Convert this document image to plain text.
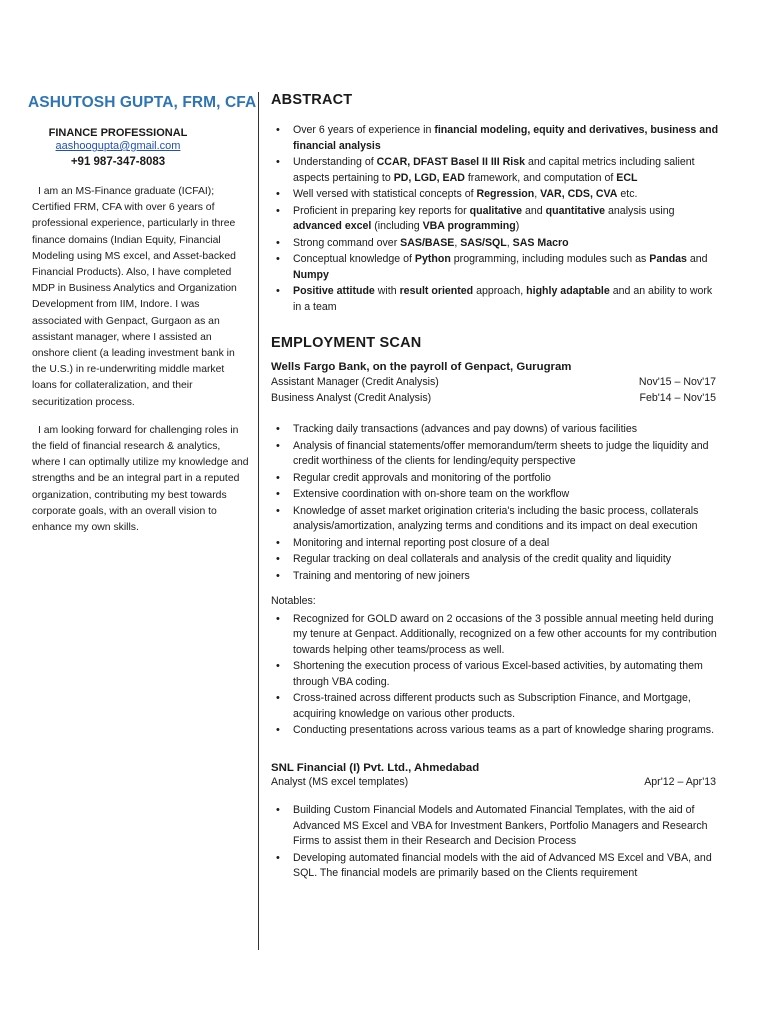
ASHUTOSH GUPTA, FRM, CFA
FINANCE PROFESSIONAL
aashoogupta@gmail.com
+91 987-347-8083

I am an MS-Finance graduate (ICFAI); Certified FRM, CFA with over 6 years of professional experience, particularly in three finance domains (Indian Equity, Financial Modeling using MS excel, and Asset-backed Financial Products). Also, I have completed MDP in Business Analytics and Organization Development from IIM, Indore. I was associated with Genpact, Gurgaon as an assistant manager, where I assisted an onshore client (a leading investment bank in the U.S.) in re-underwriting middle market loans for collateralization, and their securitization process.

I am looking forward for challenging roles in the field of financial research & analytics, where I can optimally utilize my knowledge and strengths and be an integral part in a reputed organization, contributing my best towards corporate goals, with an overall vision to enhance my own skills.

ABSTRACT
• Over 6 years of experience in financial modeling, equity and derivatives, business and financial analysis
• Understanding of CCAR, DFAST Basel II III Risk and capital metrics including salient aspects pertaining to PD, LGD, EAD framework, and computation of ECL
• Well versed with statistical concepts of Regression, VAR, CDS, CVA etc.
• Proficient in preparing key reports for qualitative and quantitative analysis using advanced excel (including VBA programming)
• Strong command over SAS/BASE, SAS/SQL, SAS Macro
• Conceptual knowledge of Python programming, including modules such as Pandas and Numpy
• Positive attitude with result oriented approach, highly adaptable and an ability to work in a team
EMPLOYMENT SCAN
Wells Fargo Bank, on the payroll of Genpact, Gurugram
Assistant Manager (Credit Analysis)	Nov'15 – Nov'17
Business Analyst (Credit Analysis)	Feb'14 – Nov'15
• Tracking daily transactions (advances and pay downs) of various facilities
• Analysis of financial statements/offer memorandum/term sheets to judge the liquidity and credit worthiness of the clients for lending/equity perspective
• Regular credit approvals and monitoring of the portfolio
• Extensive coordination with on-shore team on the workflow
• Knowledge of asset market origination criteria's including the basic process, collaterals analysis/amortization, analyzing terms and conditions and its impact on deal execution
• Monitoring and internal reporting post closure of a deal
• Regular tracking on deal collaterals and analysis of the credit quality and liquidity
• Training and mentoring of new joiners
Notables:
• Recognized for GOLD award on 2 occasions of the 3 possible annual meeting held during my tenure at Genpact. Additionally, recognized on a few other accounts for my contribution towards helping other teams/process as well.
• Shortening the execution process of various Excel-based activities, by automating them through VBA coding.
• Cross-trained across different products such as Subscription Finance, and Mortgage, acquiring knowledge on various other products.
• Conducting presentations across various teams as a part of knowledge sharing programs.
SNL Financial (I) Pvt. Ltd., Ahmedabad
Analyst (MS excel templates)	Apr'12 – Apr'13
• Building Custom Financial Models and Automated Financial Templates, with the aid of Advanced MS Excel and VBA for Investment Bankers, Portfolio Managers and Research Firms to assist them in their Research and Decision Process
• Developing automated financial models with the aid of Advanced MS Excel and VBA, and SQL. The financial models are primarily based on the Clients requirement
